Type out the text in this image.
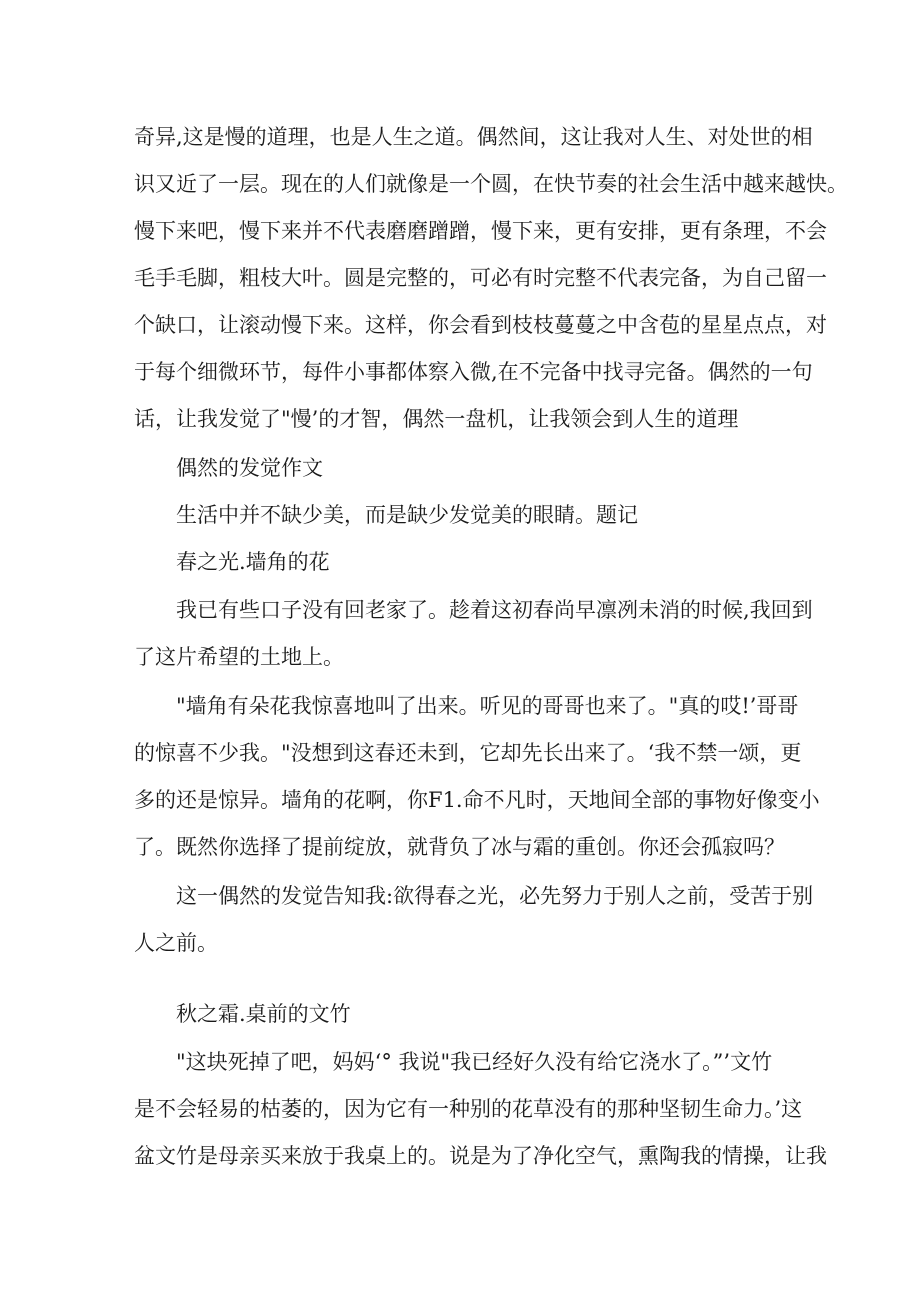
奇异,这是慢的道理，也是人生之道。偶然间，这让我对人生、对处世的相
识又近了一层。现在的人们就像是一个圆，在快节奏的社会生活中越来越快。
慢下来吧，慢下来并不代表磨磨蹭蹭，慢下来，更有安排，更有条理，不会
毛手毛脚，粗枝大叶。圆是完整的，可必有时完整不代表完备，为自己留一
个缺口，让滚动慢下来。这样，你会看到枝枝蔓蔓之中含苞的星星点点，对
于每个细微环节，每件小事都体察入微,在不完备中找寻完备。偶然的一句
话，让我发觉了"慢’的才智，偶然一盘机，让我领会到人生的道理
偶然的发觉作文
生活中并不缺少美，而是缺少发觉美的眼睛。题记
春之光.墙角的花
我已有些口子没有回老家了。趁着这初春尚早凛冽未消的时候,我回到
了这片希望的土地上。
"墙角有朵花我惊喜地叫了出来。听见的哥哥也来了。"真的哎!’哥哥
的惊喜不少我。"没想到这春还未到，它却先长出来了。‘我不禁一颂，更
多的还是惊异。墙角的花啊，你F1.命不凡时，天地间全部的事物好像变小
了。既然你选择了提前绽放，就背负了冰与霜的重创。你还会孤寂吗？
这一偶然的发觉告知我:欲得春之光，必先努力于别人之前，受苦于别
人之前。
秋之霜.桌前的文竹
"这块死掉了吧，妈妈‘° 我说"我已经好久没有给它浇水了。”’文竹
是不会轻易的枯萎的，因为它有一种别的花草没有的那种坚韧生命力。’这
盆文竹是母亲买来放于我桌上的。说是为了净化空气，熏陶我的情操，让我
